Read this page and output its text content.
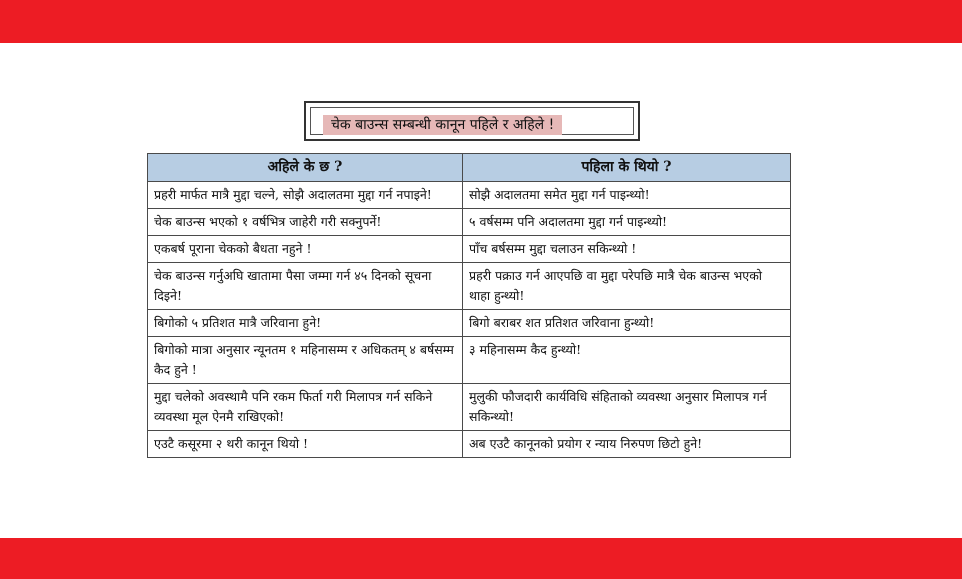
चेक बाउन्स सम्बन्धी कानून पहिले र अहिले !
अहिले के छ ?	पहिला के थियो ?
प्रहरी मार्फत मात्रै मुद्दा चल्ने, सोझै अदालतमा मुद्दा गर्न नपाइने!	सोझै अदालतमा समेत मुद्दा गर्न पाइन्थ्यो!
चेक बाउन्स भएको १ वर्षभित्र जाहेरी गरी सक्नुपर्ने!	५ वर्षसम्म पनि अदालतमा मुद्दा गर्न पाइन्थ्यो!
एकबर्ष पूराना चेकको बैधता नहुने !	पाँच बर्षसम्म मुद्दा चलाउन सकिन्थ्यो !
चेक बाउन्स गर्नुअघि खातामा पैसा जम्मा गर्न ४५ दिनको सूचना दिइने!	प्रहरी पक्राउ गर्न आएपछि वा मुद्दा परेपछि मात्रै चेक बाउन्स भएको थाहा हुन्थ्यो!
बिगोको ५ प्रतिशत मात्रै जरिवाना हुने!	बिगो बराबर शत प्रतिशत जरिवाना हुन्थ्यो!
बिगोको मात्रा अनुसार न्यूनतम १ महिनासम्म र अधिकतम् ४ बर्षसम्म कैद हुने !	३ महिनासम्म कैद हुन्थ्यो!
मुद्दा चलेको अवस्थामै पनि रकम फिर्ता गरी मिलापत्र गर्न सकिने व्यवस्था मूल ऐनमै राखिएको!	मुलुकी फौजदारी कार्यविधि संहिताको व्यवस्था अनुसार मिलापत्र गर्न सकिन्थ्यो!
एउटै कसूरमा २ थरी कानून थियो !	अब एउटै कानूनको प्रयोग र न्याय निरुपण छिटो हुने!
